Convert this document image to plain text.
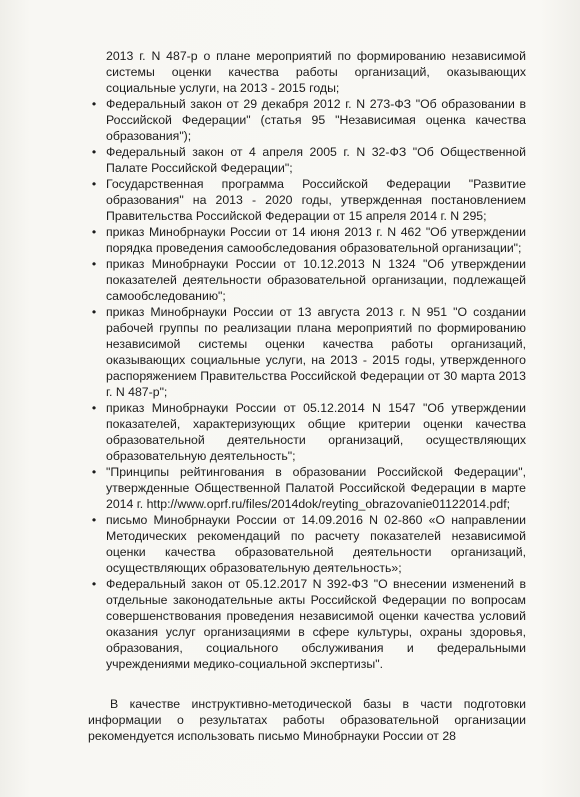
2013 г. N 487-р о плане мероприятий по формированию независимой системы оценки качества работы организаций, оказывающих социальные услуги, на 2013 - 2015 годы;

• Федеральный закон от 29 декабря 2012 г. N 273-ФЗ "Об образовании в Российской Федерации" (статья 95 "Независимая оценка качества образования");
• Федеральный закон от 4 апреля 2005 г. N 32-ФЗ "Об Общественной Палате Российской Федерации";
• Государственная программа Российской Федерации "Развитие образования" на 2013 - 2020 годы, утвержденная постановлением Правительства Российской Федерации от 15 апреля 2014 г. N 295;
• приказ Минобрнауки России от 14 июня 2013 г. N 462 "Об утверждении порядка проведения самообследования образовательной организации";
• приказ Минобрнауки России от 10.12.2013 N 1324 "Об утверждении показателей деятельности образовательной организации, подлежащей самообследованию";
• приказ Минобрнауки России от 13 августа 2013 г. N 951 "О создании рабочей группы по реализации плана мероприятий по формированию независимой системы оценки качества работы организаций, оказывающих социальные услуги, на 2013 - 2015 годы, утвержденного распоряжением Правительства Российской Федерации от 30 марта 2013 г. N 487-р";
• приказ Минобрнауки России от 05.12.2014 N 1547 "Об утверждении показателей, характеризующих общие критерии оценки качества образовательной деятельности организаций, осуществляющих образовательную деятельность";
• "Принципы рейтингования в образовании Российской Федерации", утвержденные Общественной Палатой Российской Федерации в марте 2014 г. http://www.oprf.ru/files/2014dok/reyting_obrazovanie01122014.pdf;
• письмо Минобрнауки России от 14.09.2016 N 02-860 «О направлении Методических рекомендаций по расчету показателей независимой оценки качества образовательной деятельности организаций, осуществляющих образовательную деятельность»;
• Федеральный закон от 05.12.2017 N 392-ФЗ "О внесении изменений в отдельные законодательные акты Российской Федерации по вопросам совершенствования проведения независимой оценки качества условий оказания услуг организациями в сфере культуры, охраны здоровья, образования, социального обслуживания и федеральными учреждениями медико-социальной экспертизы".

В качестве инструктивно-методической базы в части подготовки информации о результатах работы образовательной организации рекомендуется использовать письмо Минобрнауки России от 28
